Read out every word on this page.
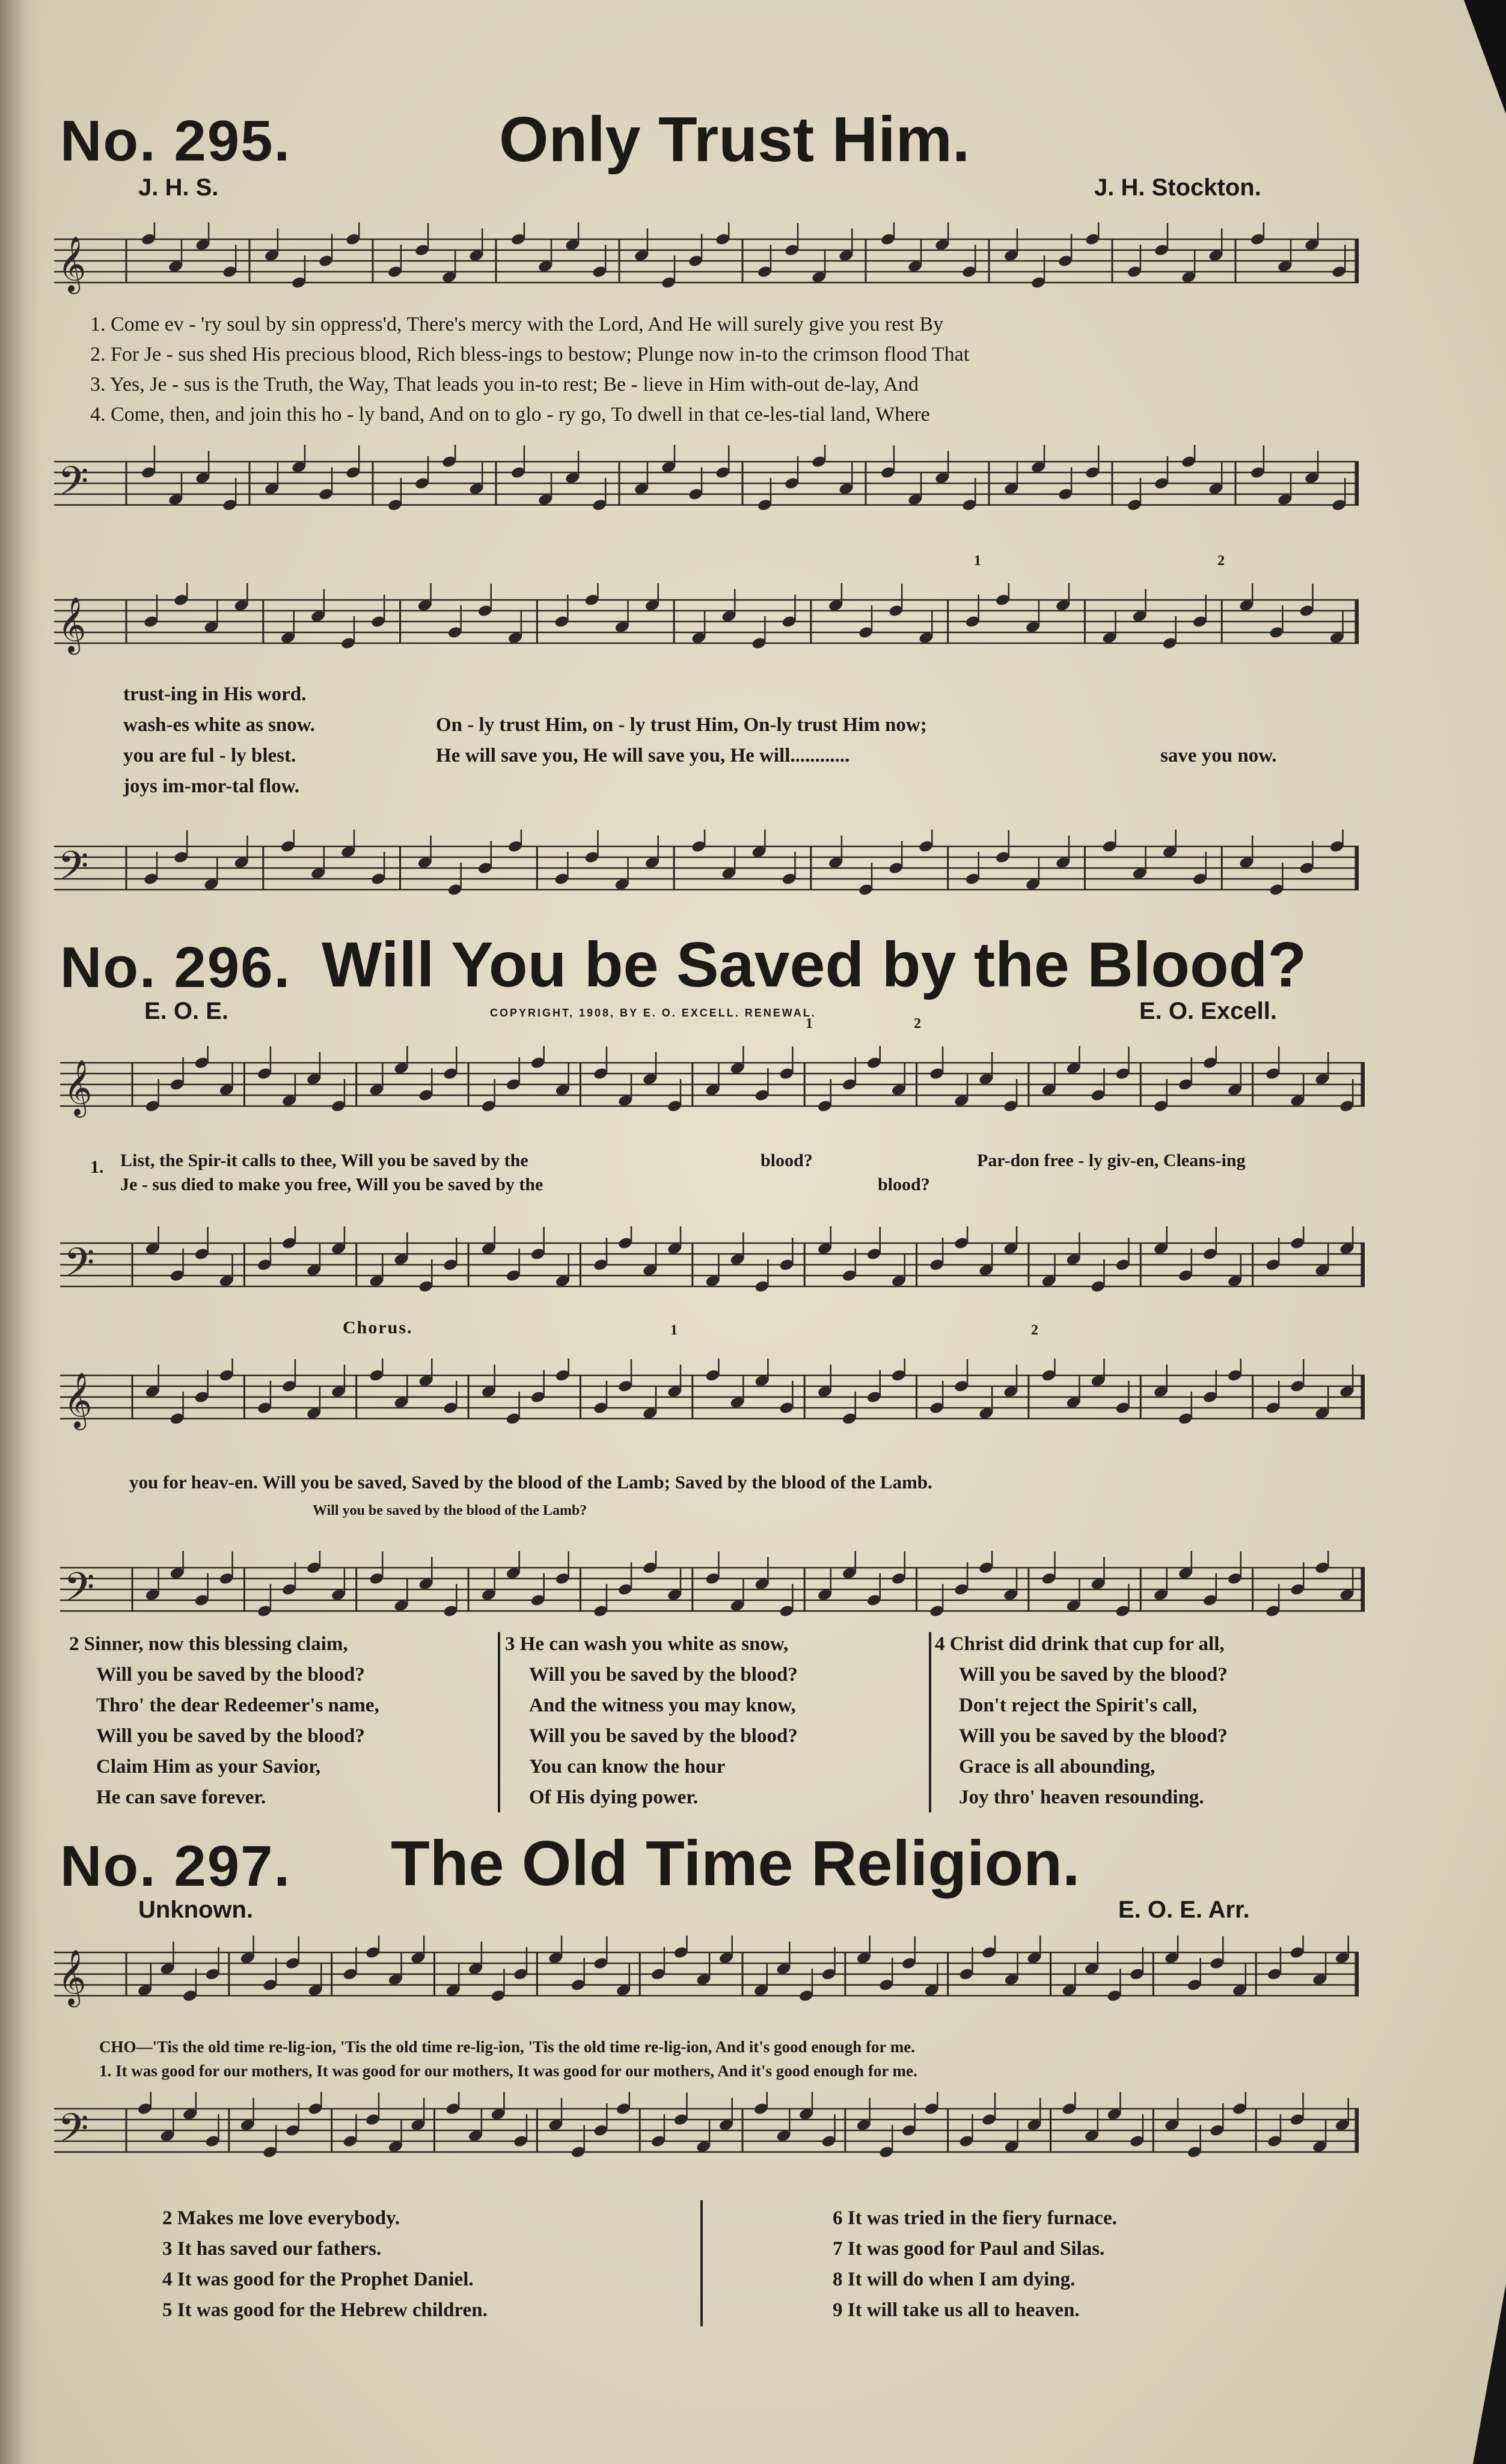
No. 295.	Only Trust Him.
J. H. S.	J. H. Stockton.
𝄞
1. Come ev - 'ry soul by sin oppress'd, There's mercy with the Lord, And He will surely give you rest By
2. For Je - sus shed His precious blood, Rich bless-ings to bestow; Plunge now in-to the crimson flood That
3. Yes, Je - sus is the Truth, the Way, That leads you in-to rest; Be - lieve in Him with-out de-lay, And
4. Come, then, and join this ho - ly band, And on to glo - ry go, To dwell in that ce-les-tial land, Where
𝄢
1	2
𝄞
trust-ing in His word.
wash-es white as snow.
you are ful - ly blest.
joys im-mor-tal flow.
On - ly trust Him, on - ly trust Him, On-ly trust Him now;
He will save you, He will save you, He will............	save you now.
𝄢
No. 296. Will You be Saved by the Blood?
E. O. E.	COPYRIGHT, 1908, BY E. O. EXCELL. RENEWAL.	E. O. Excell.
1	2
𝄞
1. List, the Spir-it calls to thee, Will you be saved by the
Je - sus died to make you free, Will you be saved by the
blood?
blood?
Par-don free - ly giv-en, Cleans-ing
𝄢
Chorus.	1	2
𝄞
you for heav-en. Will you be saved, Saved by the blood of the Lamb; Saved by the blood of the Lamb.
Will you be saved by the blood of the Lamb?
𝄢
2 Sinner, now this blessing claim,
Will you be saved by the blood?
Thro' the dear Redeemer's name,
Will you be saved by the blood?
Claim Him as your Savior,
He can save forever.
3 He can wash you white as snow,
Will you be saved by the blood?
And the witness you may know,
Will you be saved by the blood?
You can know the hour
Of His dying power.
4 Christ did drink that cup for all,
Will you be saved by the blood?
Don't reject the Spirit's call,
Will you be saved by the blood?
Grace is all abounding,
Joy thro' heaven resounding.
No. 297. The Old Time Religion.
Unknown.	E. O. E. Arr.
𝄞
CHO—'Tis the old time re-lig-ion, 'Tis the old time re-lig-ion, 'Tis the old time re-lig-ion, And it's good enough for me.
1. It was good for our mothers, It was good for our mothers, It was good for our mothers, And it's good enough for me.
𝄢
2 Makes me love everybody.
3 It has saved our fathers.
4 It was good for the Prophet Daniel.
5 It was good for the Hebrew children.
6 It was tried in the fiery furnace.
7 It was good for Paul and Silas.
8 It will do when I am dying.
9 It will take us all to heaven.
